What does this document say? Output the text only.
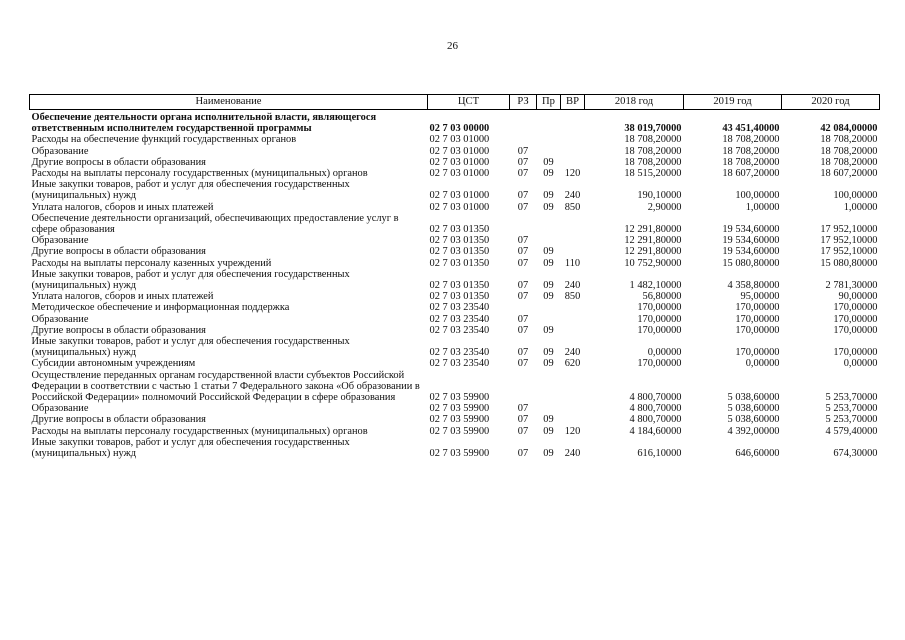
26
Наименование	ЦСТ	РЗ	Пр	ВР	2018 год	2019 год	2020 год
Обеспечение деятельности органа исполнительной власти, являющегося ответственным исполнителем государственной программы	02 7 03 00000				38 019,70000	43 451,40000	42 084,00000
Расходы на обеспечение функций государственных органов	02 7 03 01000				18 708,20000	18 708,20000	18 708,20000
Образование	02 7 03 01000	07			18 708,20000	18 708,20000	18 708,20000
Другие вопросы в области образования	02 7 03 01000	07	09		18 708,20000	18 708,20000	18 708,20000
Расходы на выплаты персоналу государственных (муниципальных) органов	02 7 03 01000	07	09	120	18 515,20000	18 607,20000	18 607,20000
Иные закупки товаров, работ и услуг для обеспечения государственных (муниципальных) нужд	02 7 03 01000	07	09	240	190,10000	100,00000	100,00000
Уплата налогов, сборов и иных платежей	02 7 03 01000	07	09	850	2,90000	1,00000	1,00000
Обеспечение деятельности организаций, обеспечивающих предоставление услуг в сфере образования	02 7 03 01350				12 291,80000	19 534,60000	17 952,10000
Образование	02 7 03 01350	07			12 291,80000	19 534,60000	17 952,10000
Другие вопросы в области образования	02 7 03 01350	07	09		12 291,80000	19 534,60000	17 952,10000
Расходы на выплаты персоналу казенных учреждений	02 7 03 01350	07	09	110	10 752,90000	15 080,80000	15 080,80000
Иные закупки товаров, работ и услуг для обеспечения государственных (муниципальных) нужд	02 7 03 01350	07	09	240	1 482,10000	4 358,80000	2 781,30000
Уплата налогов, сборов и иных платежей	02 7 03 01350	07	09	850	56,80000	95,00000	90,00000
Методическое обеспечение и информационная поддержка	02 7 03 23540				170,00000	170,00000	170,00000
Образование	02 7 03 23540	07			170,00000	170,00000	170,00000
Другие вопросы в области образования	02 7 03 23540	07	09		170,00000	170,00000	170,00000
Иные закупки товаров, работ и услуг для обеспечения государственных (муниципальных) нужд	02 7 03 23540	07	09	240	0,00000	170,00000	170,00000
Субсидии автономным учреждениям	02 7 03 23540	07	09	620	170,00000	0,00000	0,00000
Осуществление переданных органам государственной власти субъектов Российской Федерации в соответствии с частью 1 статьи 7 Федерального закона «Об образовании в Российской Федерации» полномочий Российской Федерации в сфере образования	02 7 03 59900				4 800,70000	5 038,60000	5 253,70000
Образование	02 7 03 59900	07			4 800,70000	5 038,60000	5 253,70000
Другие вопросы в области образования	02 7 03 59900	07	09		4 800,70000	5 038,60000	5 253,70000
Расходы на выплаты персоналу государственных (муниципальных) органов	02 7 03 59900	07	09	120	4 184,60000	4 392,00000	4 579,40000
Иные закупки товаров, работ и услуг для обеспечения государственных (муниципальных) нужд	02 7 03 59900	07	09	240	616,10000	646,60000	674,30000
